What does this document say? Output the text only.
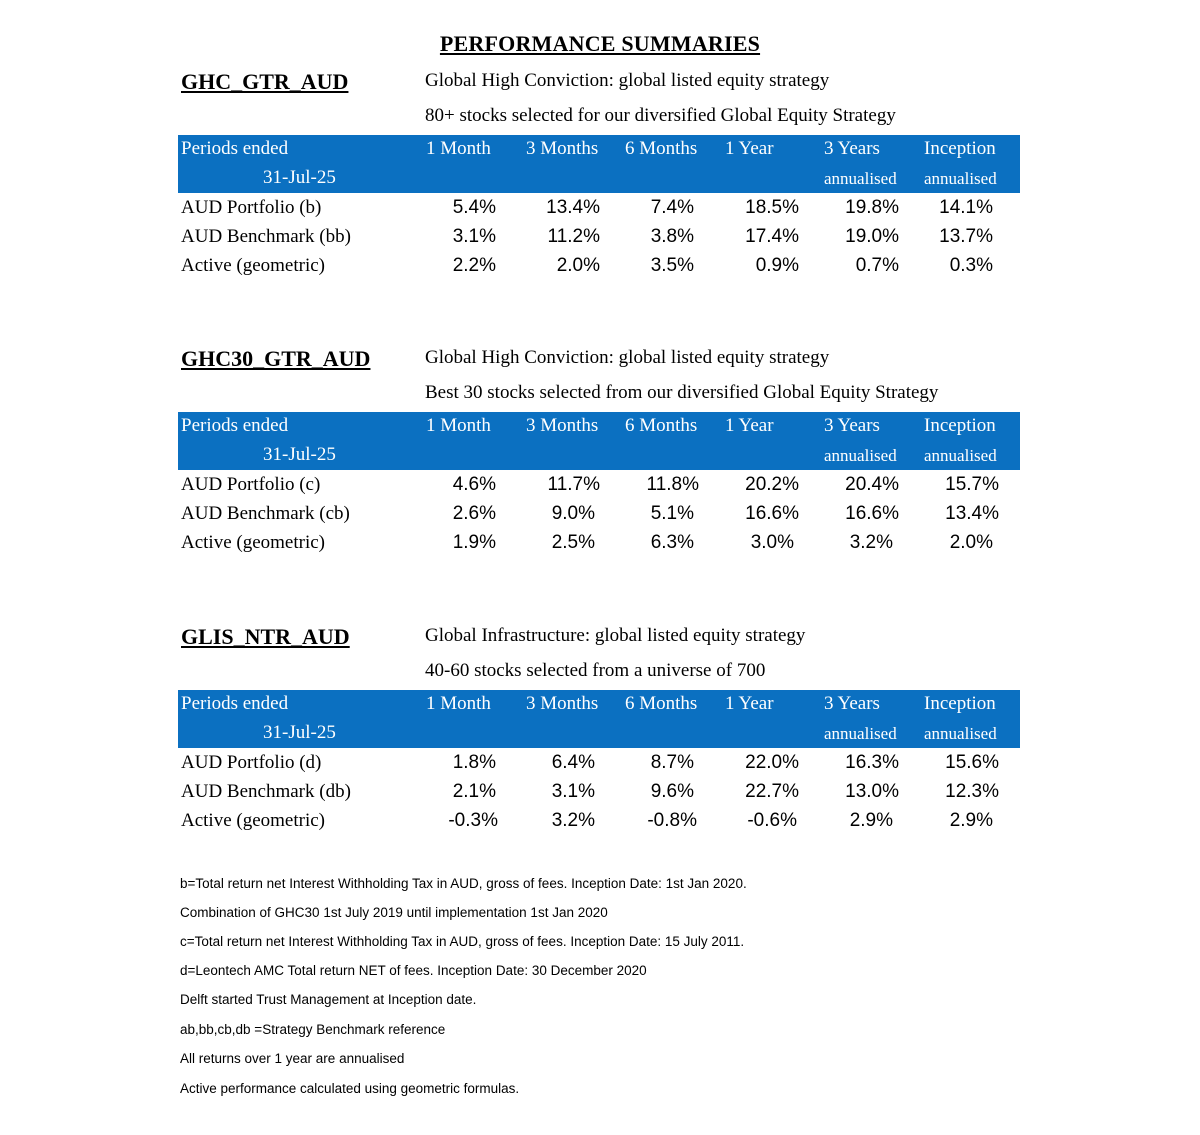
PERFORMANCE SUMMARIES
GHC_GTR_AUD	Global High Conviction: global listed equity strategy
80+ stocks selected for our diversified Global Equity Strategy
Periods ended
31-Jul-25
1 Month 3 Months 6 Months 1 Year	3 Years Inception
annualised annualised
AUD Portfolio (b)	5.4%	13.4%	7.4%	18.5%	19.8%	14.1%
AUD Benchmark (bb)	3.1%	11.2%	3.8%	17.4%	19.0%	13.7%
Active (geometric)	2.2%	2.0%	3.5%	0.9%	0.7%	0.3%
GHC30_GTR_AUD	Global High Conviction: global listed equity strategy
Best 30 stocks selected from our diversified Global Equity Strategy
Periods ended
31-Jul-25
1 Month 3 Months 6 Months 1 Year	3 Years Inception
annualised annualised
AUD Portfolio (c)	4.6%	11.7%	11.8%	20.2%	20.4%	15.7%
AUD Benchmark (cb)	2.6%	9.0%	5.1%	16.6%	16.6%	13.4%
Active (geometric)	1.9%	2.5%	6.3%	3.0%	3.2%	2.0%
GLIS_NTR_AUD	Global Infrastructure: global listed equity strategy
40-60 stocks selected from a universe of 700
Periods ended
31-Jul-25
1 Month 3 Months 6 Months 1 Year	3 Years Inception
annualised annualised
AUD Portfolio (d)	1.8%	6.4%	8.7%	22.0%	16.3%	15.6%
AUD Benchmark (db)	2.1%	3.1%	9.6%	22.7%	13.0%	12.3%
Active (geometric)	-0.3%	3.2%	-0.8%	-0.6%	2.9%	2.9%
b=Total return net Interest Withholding Tax in AUD, gross of fees. Inception Date: 1st Jan 2020.
Combination of GHC30 1st July 2019 until implementation 1st Jan 2020
c=Total return net Interest Withholding Tax in AUD, gross of fees. Inception Date: 15 July 2011.
d=Leontech AMC Total return NET of fees. Inception Date: 30 December 2020
Delft started Trust Management at Inception date.
ab,bb,cb,db =Strategy Benchmark reference
All returns over 1 year are annualised
Active performance calculated using geometric formulas.
